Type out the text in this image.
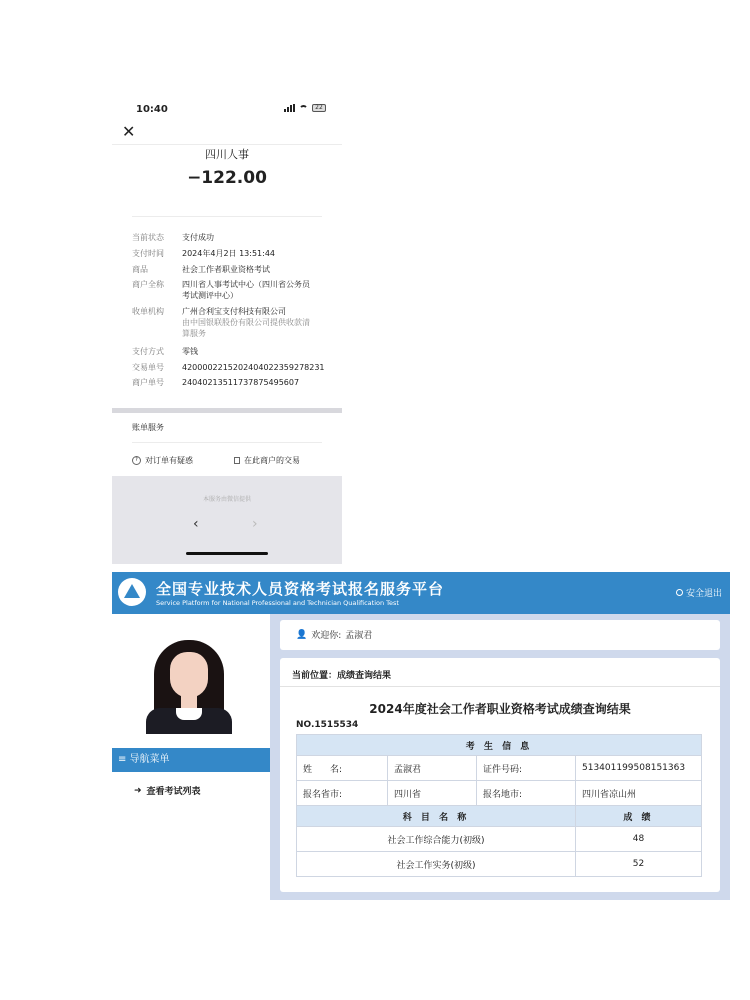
10:40	22
✕
四川人事
−122.00
当前状态	支付成功
支付时间	2024年4月2日 13:51:44
商品	社会工作者职业资格考试
商户全称	四川省人事考试中心（四川省公务员
考试测评中心）
收单机构	广州合利宝支付科技有限公司
由中国银联股份有限公司提供收款清
算服务
支付方式	零钱
交易单号	4200002215202404022359278231
商户单号	240402135117378754956​07
账单服务
? 对订单有疑惑	在此商户的交易
本服务由微信提供
‹	›
全国专业技术人员资格考试报名服务平台
Service Platform for National Professional and Technician Qualification Test
安全退出
≡ 导航菜单
➜ 查看考试列表
👤 欢迎你: 孟淑君
当前位置：成绩查询结果
2024年度社会工作者职业资格考试成绩查询结果
NO.1515534
考 生 信 息			
姓　　名:	孟淑君	证件号码:	513401199508151363
报名省市:	四川省	报名地市:	四川省凉山州
科 目 名 称			成 绩
社会工作综合能力(初级)			48
社会工作实务(初级)			52
